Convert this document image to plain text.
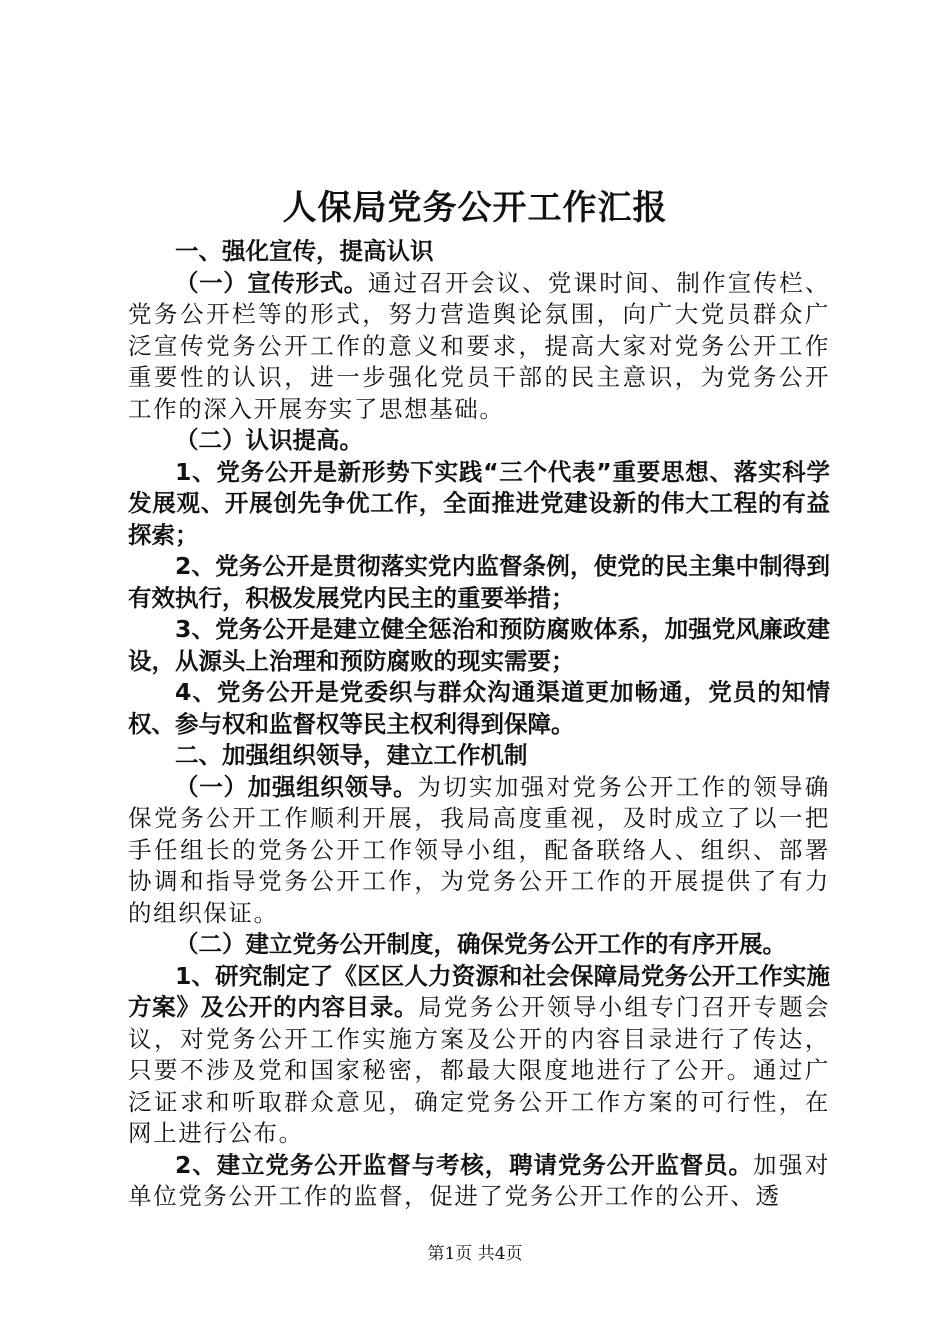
人保局党务公开工作汇报

一、强化宣传，提高认识

（一）宣传形式。通过召开会议、党课时间、制作宣传栏、党务公开栏等的形式，努力营造舆论氛围，向广大党员群众广泛宣传党务公开工作的意义和要求，提高大家对党务公开工作重要性的认识，进一步强化党员干部的民主意识，为党务公开工作的深入开展夯实了思想基础。

（二）认识提高。

1、党务公开是新形势下实践“三个代表”重要思想、落实科学发展观、开展创先争优工作，全面推进党建设新的伟大工程的有益探索；

2、党务公开是贯彻落实党内监督条例，使党的民主集中制得到有效执行，积极发展党内民主的重要举措；

3、党务公开是建立健全惩治和预防腐败体系，加强党风廉政建设，从源头上治理和预防腐败的现实需要；

4、党务公开是党委织与群众沟通渠道更加畅通，党员的知情权、参与权和监督权等民主权利得到保障。

二、加强组织领导，建立工作机制

（一）加强组织领导。为切实加强对党务公开工作的领导确保党务公开工作顺利开展，我局高度重视，及时成立了以一把手任组长的党务公开工作领导小组，配备联络人、组织、部署协调和指导党务公开工作，为党务公开工作的开展提供了有力的组织保证。

（二）建立党务公开制度，确保党务公开工作的有序开展。

1、研究制定了《区区人力资源和社会保障局党务公开工作实施方案》及公开的内容目录。局党务公开领导小组专门召开专题会议，对党务公开工作实施方案及公开的内容目录进行了传达，只要不涉及党和国家秘密，都最大限度地进行了公开。通过广泛证求和听取群众意见，确定党务公开工作方案的可行性，在网上进行公布。

2、建立党务公开监督与考核，聘请党务公开监督员。加强对单位党务公开工作的监督，促进了党务公开工作的公开、透

第1页 共4页
